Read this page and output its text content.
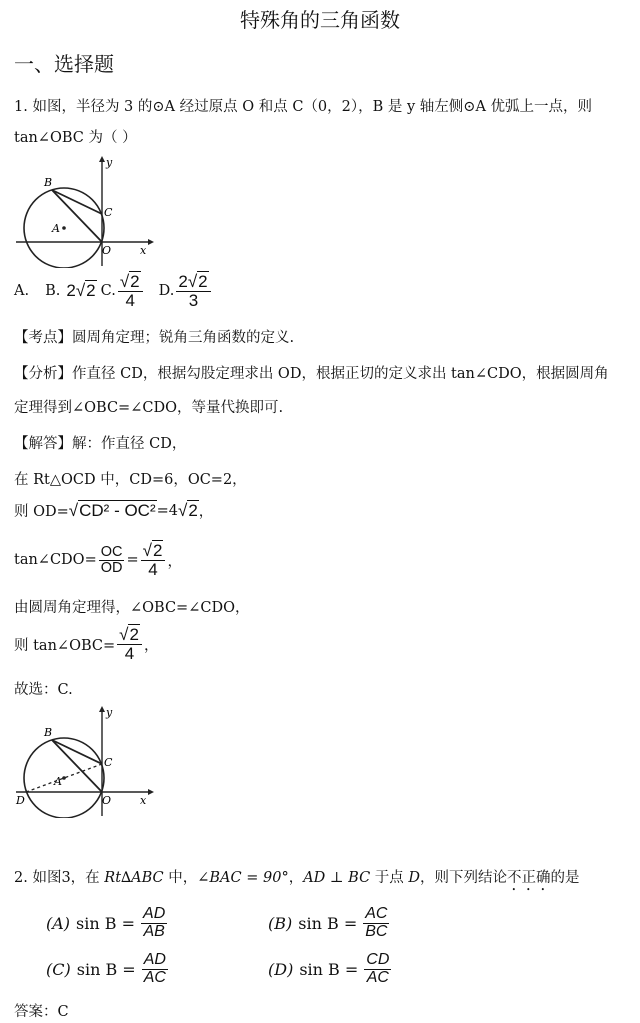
特殊角的三角函数
一、选择题
1. 如图，半径为 3 的⊙A 经过原点 O 和点 C（0，2），B 是 y 轴左侧⊙A 优弧上一点，则
tan∠OBC 为（ ）
y
B
C
A
O	x
A. B. 2√2 C. $\frac{√2}{4} D$. $\frac{2√2}{3}$
【考点】圆周角定理；锐角三角函数的定义.
【分析】作直径 CD，根据勾股定理求出 OD，根据正切的定义求出 tan∠CDO，根据圆周角
定理得到∠OBC=∠CDO，等量代换即可.
【解答】解：作直径 CD，
在 Rt△OCD 中，CD=6，OC=2，
则 OD= √CD² - OC² =4 √2 ，
tan∠CDO= $\frac{OC}{OD} = \frac{√2}{4}$ ，
由圆周角定理得，∠OBC=∠CDO，
则 tan∠OBC= $\frac{√2}{4}$ ，
故选：C.
y
B
C
A
O	x
D
2. 如图3，在 Rt∆ABC 中，∠BAC = 90°，AD ⊥ BC 于点 D，则下列结论不正确的是
(A) $\sin B = \frac{AD}{AB}$	(B) $\sin B = \frac{AC}{BC}$
(C) $\sin B = \frac{AD}{AC}$	(D) $\sin B = \frac{CD}{AC}$
答案：C
